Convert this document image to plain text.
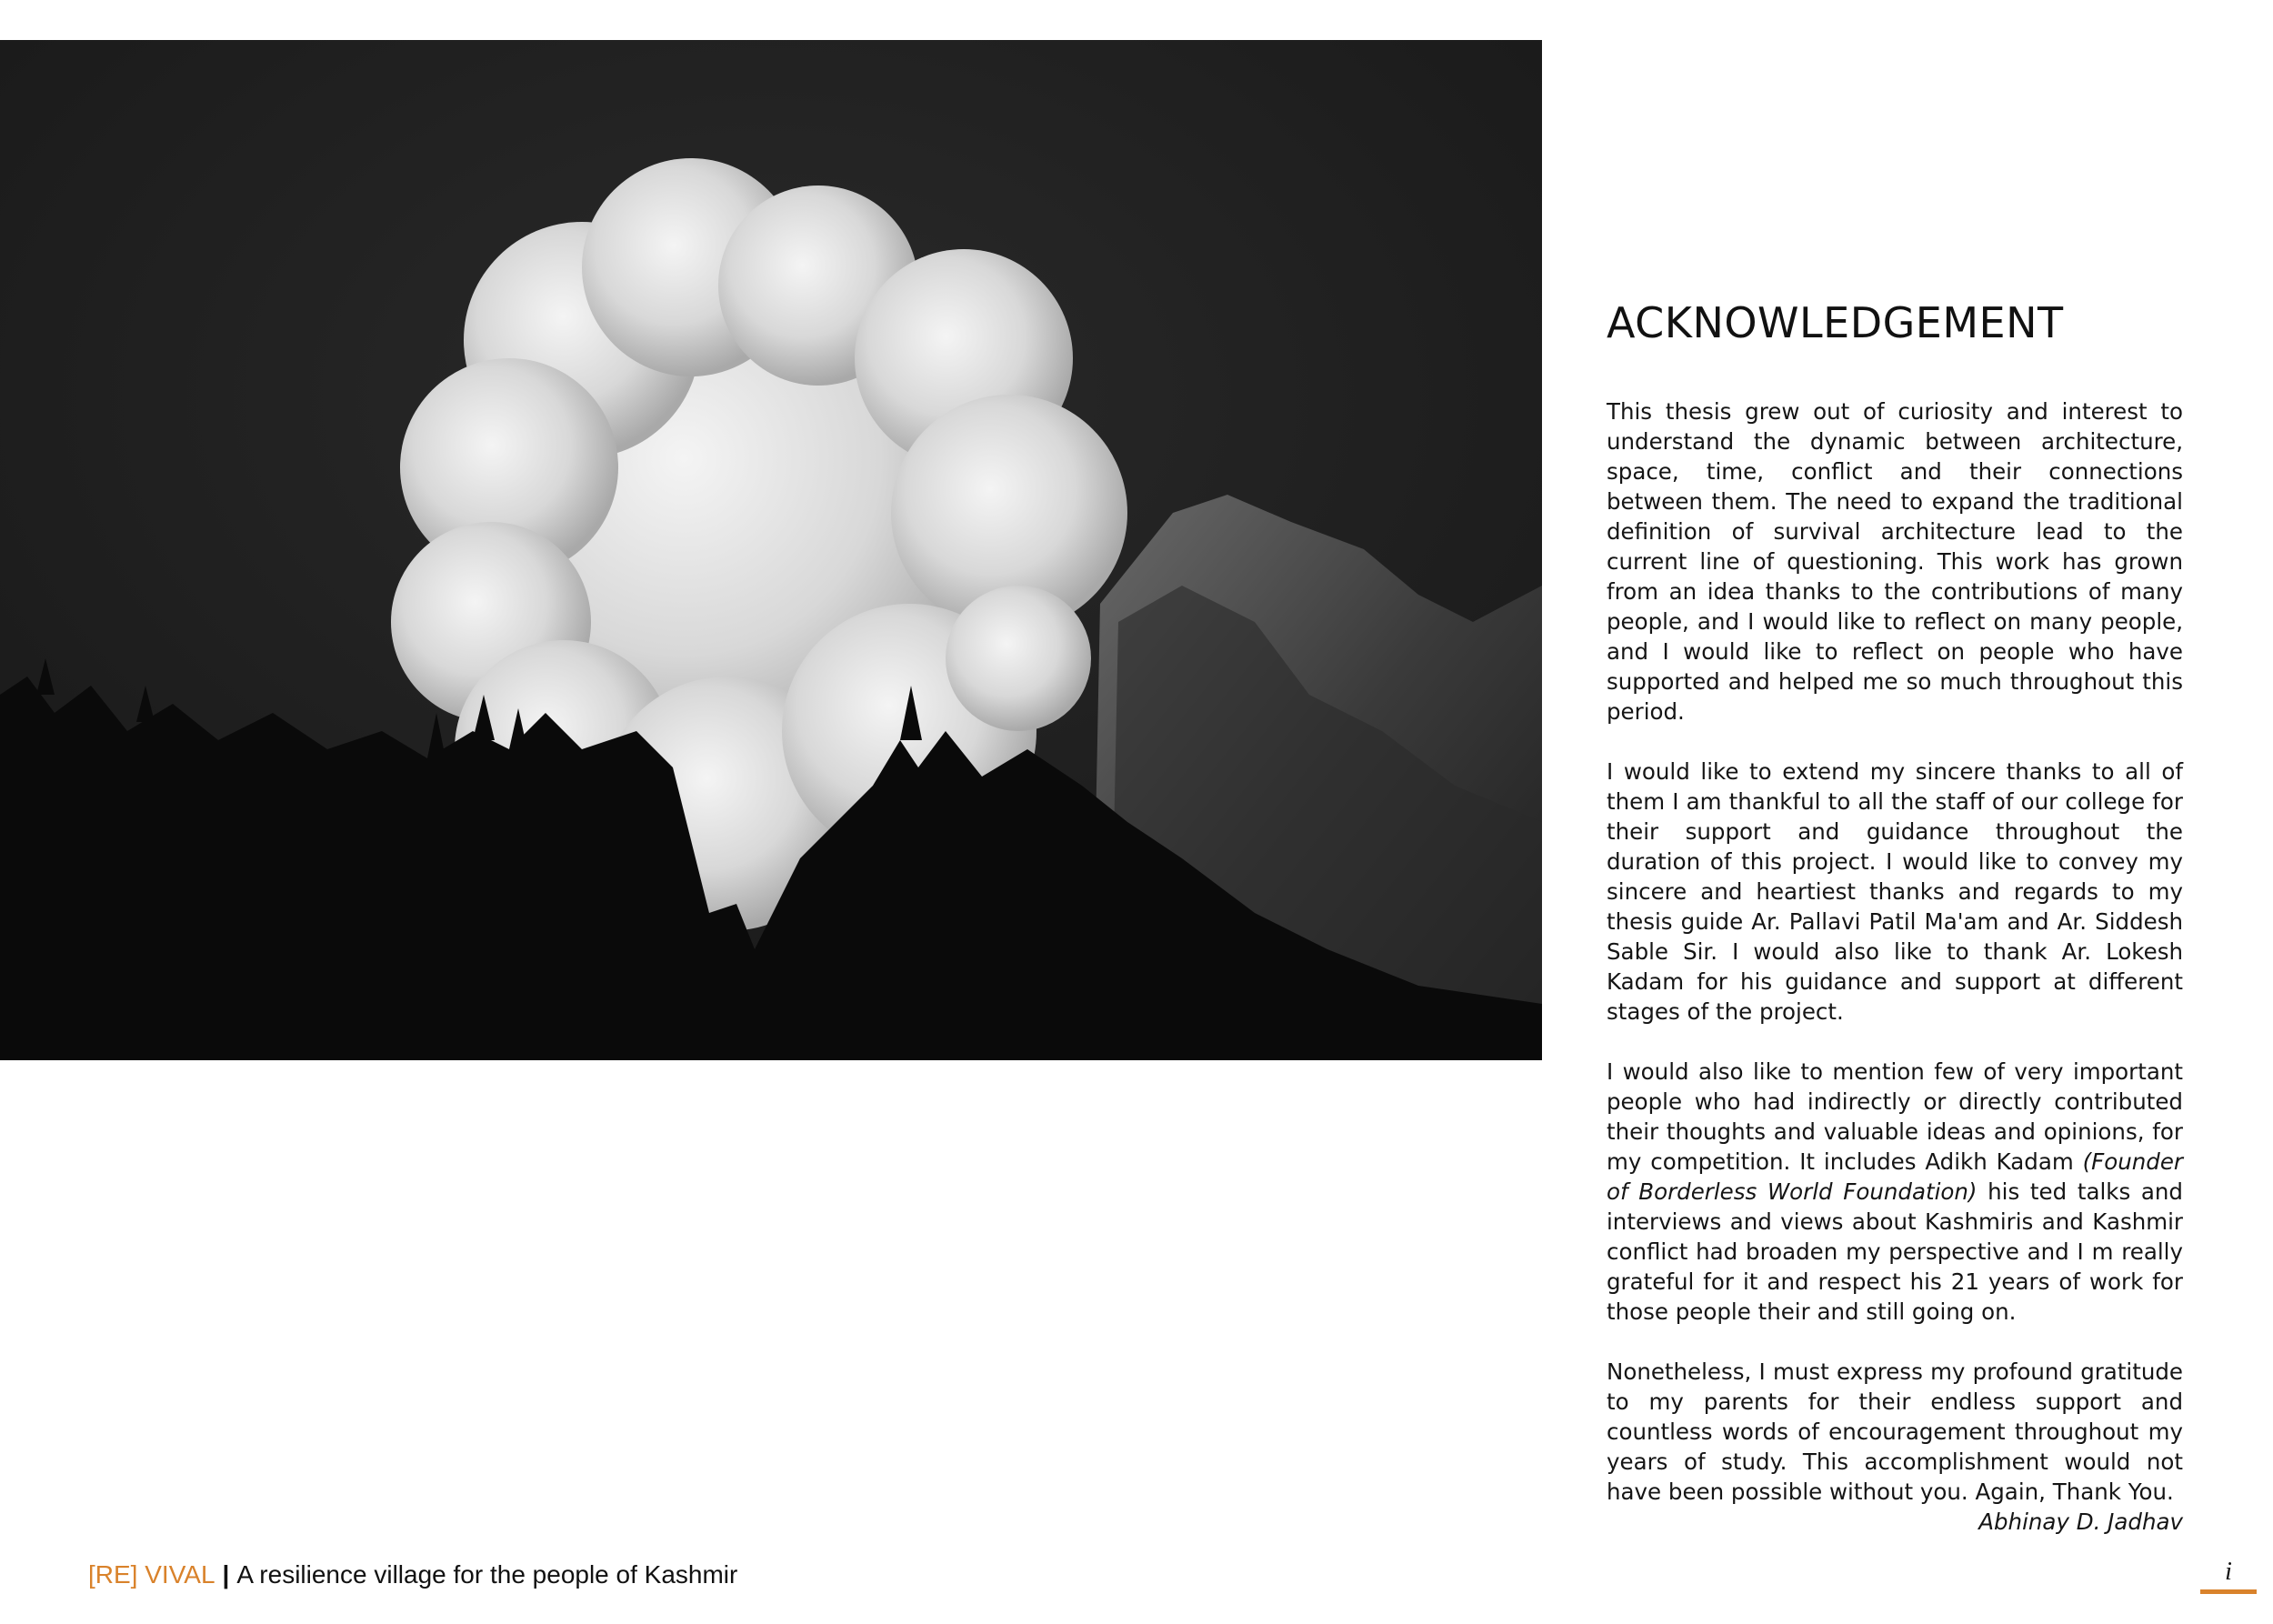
ACKNOWLEDGEMENT

This thesis grew out of curiosity and interest to understand the dynamic between architecture, space, time, conflict and their connections between them. The need to expand the traditional definition of survival architecture lead to the current line of questioning. This work has grown from an idea thanks to the contributions of many people, and I would like to reflect on many people, and I would like to reflect on people who have supported and helped me so much throughout this period.

I would like to extend my sincere thanks to all of them I am thankful to all the staff of our college for their support and guidance throughout the duration of this project. I would like to convey my sincere and heartiest thanks and regards to my thesis guide Ar. Pallavi Patil Ma'am and Ar. Siddesh Sable Sir. I would also like to thank Ar. Lokesh Kadam for his guidance and support at different stages of the project.

I would also like to mention few of very important people who had indirectly or directly contributed their thoughts and valuable ideas and opinions, for my competition. It includes Adikh Kadam (Founder of Borderless World Foundation) his ted talks and interviews and views about Kashmiris and Kashmir conflict had broaden my perspective and I m really grateful for it and respect his 21 years of work for those people their and still going on.

Nonetheless, I must express my profound gratitude to my parents for their endless support and countless words of encouragement throughout my years of study. This accomplishment would not have been possible without you. Again, Thank You.

Abhinay D. Jadhav

[RE] VIVAL | A resilience village for the people of Kashmir	i
